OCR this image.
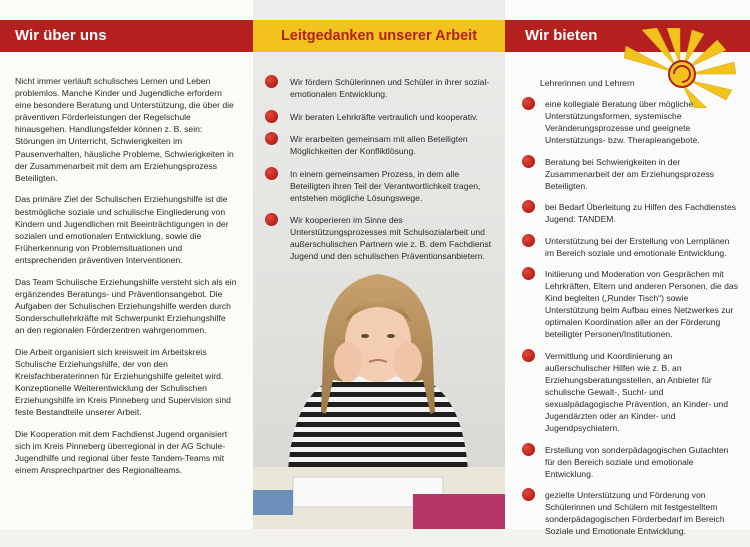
Wir über uns

Nicht immer verläuft schulisches Lernen und Leben problemlos. Manche Kinder und Jugendliche erfordern eine besondere Beratung und Unterstützung, die über die präventiven Förderleistungen der Regelschule hinausgehen. Handlungsfelder können z. B. sein: Störungen im Unterricht, Schwierigkeiten im Pausenverhalten, häusliche Probleme, Schwierigkeiten in der Zusammenarbeit mit dem am Erziehungsprozess Beteiligten.

Das primäre Ziel der Schulischen Erziehungshilfe ist die bestmögliche soziale und schulische Eingliederung von Kindern und Jugendlichen mit Beeinträchtigungen in der sozialen und emotionalen Entwicklung, sowie die Früherkennung von Problemsituationen und entsprechenden präventiven Interventionen.

Das Team Schulische Erziehungshilfe versteht sich als ein ergänzendes Beratungs- und Präventionsangebot. Die Aufgaben der Schulischen Erziehungshilfe werden durch Sonderschullehrkräfte mit Schwerpunkt Erziehungshilfe an den regionalen Förderzentren wahrgenommen.

Die Arbeit organisiert sich kreisweit im Arbeitskreis Schulische Erziehungshilfe, der von den Kreisfachberaterinnen für Erziehungshilfe geleitet wird. Konzeptionelle Weiterentwicklung der Schulischen Erziehungshilfe im Kreis Pinneberg und Supervision sind feste Bestandteile unserer Arbeit.

Die Kooperation mit dem Fachdienst Jugend organisiert sich im Kreis Pinneberg überregional in der AG Schule-Jugendhilfe und regional über feste Tandem-Teams mit einem Ansprechpartner des Regionalteams.

Leitgedanken unserer Arbeit
Wir fördern Schülerinnen und Schüler in ihrer sozial-emotionalen Entwicklung.
Wir beraten Lehrkräfte vertraulich und kooperativ.
Wir erarbeiten gemeinsam mit allen Beteiligten Möglichkeiten der Konfliktlösung.
In einem gemeinsamen Prozess, in dem alle Beteiligten ihren Teil der Verantwortlichkeit tragen, entstehen mögliche Lösungswege.
Wir kooperieren im Sinne des Unterstützungsprozesses mit Schulsozialarbeit und außerschulischen Partnern wie z. B. dem Fachdienst Jugend und den schulischen Präventionsanbietern.
Wir bieten
Lehrerinnen und Lehrern
eine kollegiale Beratung über mögliche Unterstützungsformen, systemische Veränderungsprozesse und geeignete Unterstützungs- bzw. Therapieangebote.
Beratung bei Schwierigkeiten in der Zusammenarbeit der am Erziehungsprozess Beteiligten.
bei Bedarf Überleitung zu Hilfen des Fachdienstes Jugend: TANDEM.
Unterstützung bei der Erstellung von Lernplänen im Bereich soziale und emotionale Entwicklung.
Initiierung und Moderation von Gesprächen mit Lehrkräften, Eltern und anderen Personen, die das Kind begleiten („Runder Tisch“) sowie Unterstützung beim Aufbau eines Netzwerkes zur optimalen Koordination aller an der Förderung beteiligter Personen/Institutionen.
Vermittlung und Koordinierung an außerschulischer Hilfen wie z. B. an Erziehungsberatungsstellen, an Anbieter für schulische Gewalt-, Sucht- und sexualpädagogische Prävention, an Kinder- und Jugendärzten oder an Kinder- und Jugendpsychiatern.
Erstellung von sonderpädagogischen Gutachten für den Bereich soziale und emotionale Entwicklung.
gezielte Unterstützung und Förderung von Schülerinnen und Schülern mit festgestelltem sonderpädagogischen Förderbedarf im Bereich Soziale und Emotionale Entwicklung.
